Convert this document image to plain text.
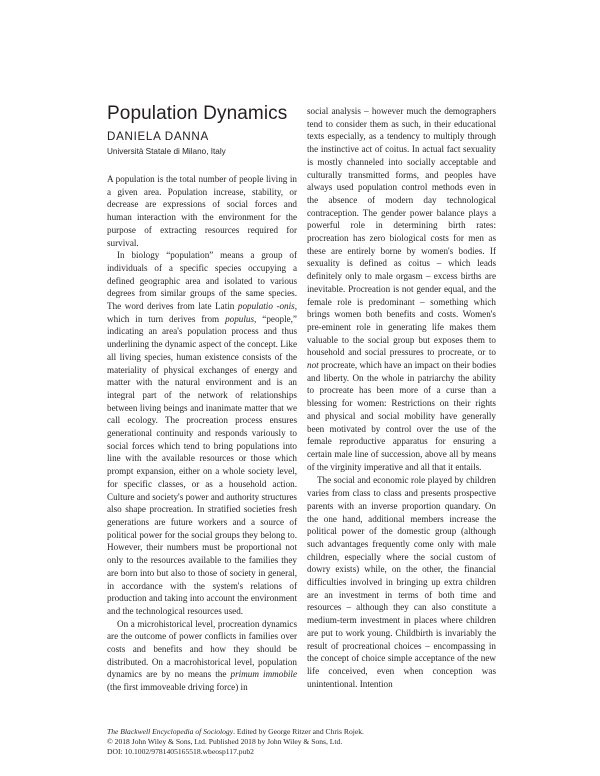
Population Dynamics
DANIELA DANNA
Università Statale di Milano, Italy

A population is the total number of people living in a given area. Population increase, stability, or decrease are expressions of social forces and human interaction with the environment for the purpose of extracting resources required for survival.

In biology “population” means a group of individuals of a specific species occupying a defined geographic area and isolated to various degrees from similar groups of the same species. The word derives from late Latin populatio -onis, which in turn derives from populus, “people,” indicating an area's population process and thus underlining the dynamic aspect of the concept. Like all living species, human existence consists of the materiality of physical exchanges of energy and matter with the natural environment and is an integral part of the network of relationships between living beings and inanimate matter that we call ecology. The procreation process ensures generational continuity and responds variously to social forces which tend to bring populations into line with the available resources or those which prompt expansion, either on a whole society level, for specific classes, or as a household action. Culture and society's power and authority structures also shape procreation. In stratified societies fresh generations are future workers and a source of political power for the social groups they belong to. However, their numbers must be proportional not only to the resources available to the families they are born into but also to those of society in general, in accordance with the system's relations of production and taking into account the environment and the technological resources used.

On a microhistorical level, procreation dynamics are the outcome of power conflicts in families over costs and benefits and how they should be distributed. On a macrohistorical level, population dynamics are by no means the primum immobile (the first immoveable driving force) in

social analysis – however much the demographers tend to consider them as such, in their educational texts especially, as a tendency to multiply through the instinctive act of coitus. In actual fact sexuality is mostly channeled into socially acceptable and culturally transmitted forms, and peoples have always used population control methods even in the absence of modern day technological contraception. The gender power balance plays a powerful role in determining birth rates: procreation has zero biological costs for men as these are entirely borne by women's bodies. If sexuality is defined as coitus – which leads definitely only to male orgasm – excess births are inevitable. Procreation is not gender equal, and the female role is predominant – something which brings women both benefits and costs. Women's pre-eminent role in generating life makes them valuable to the social group but exposes them to household and social pressures to procreate, or to not procreate, which have an impact on their bodies and liberty. On the whole in patriarchy the ability to procreate has been more of a curse than a blessing for women: Restrictions on their rights and physical and social mobility have generally been motivated by control over the use of the female reproductive apparatus for ensuring a certain male line of succession, above all by means of the virginity imperative and all that it entails.

The social and economic role played by children varies from class to class and presents prospective parents with an inverse proportion quandary. On the one hand, additional members increase the political power of the domestic group (although such advantages frequently come only with male children, especially where the social custom of dowry exists) while, on the other, the financial difficulties involved in bringing up extra children are an investment in terms of both time and resources – although they can also constitute a medium-term investment in places where children are put to work young. Childbirth is invariably the result of procreational choices – encompassing in the concept of choice simple acceptance of the new life conceived, even when conception was unintentional. Intention

The Blackwell Encyclopedia of Sociology. Edited by George Ritzer and Chris Rojek.
© 2018 John Wiley & Sons, Ltd. Published 2018 by John Wiley & Sons, Ltd.
DOI: 10.1002/9781405165518.wbeosp117.pub2
